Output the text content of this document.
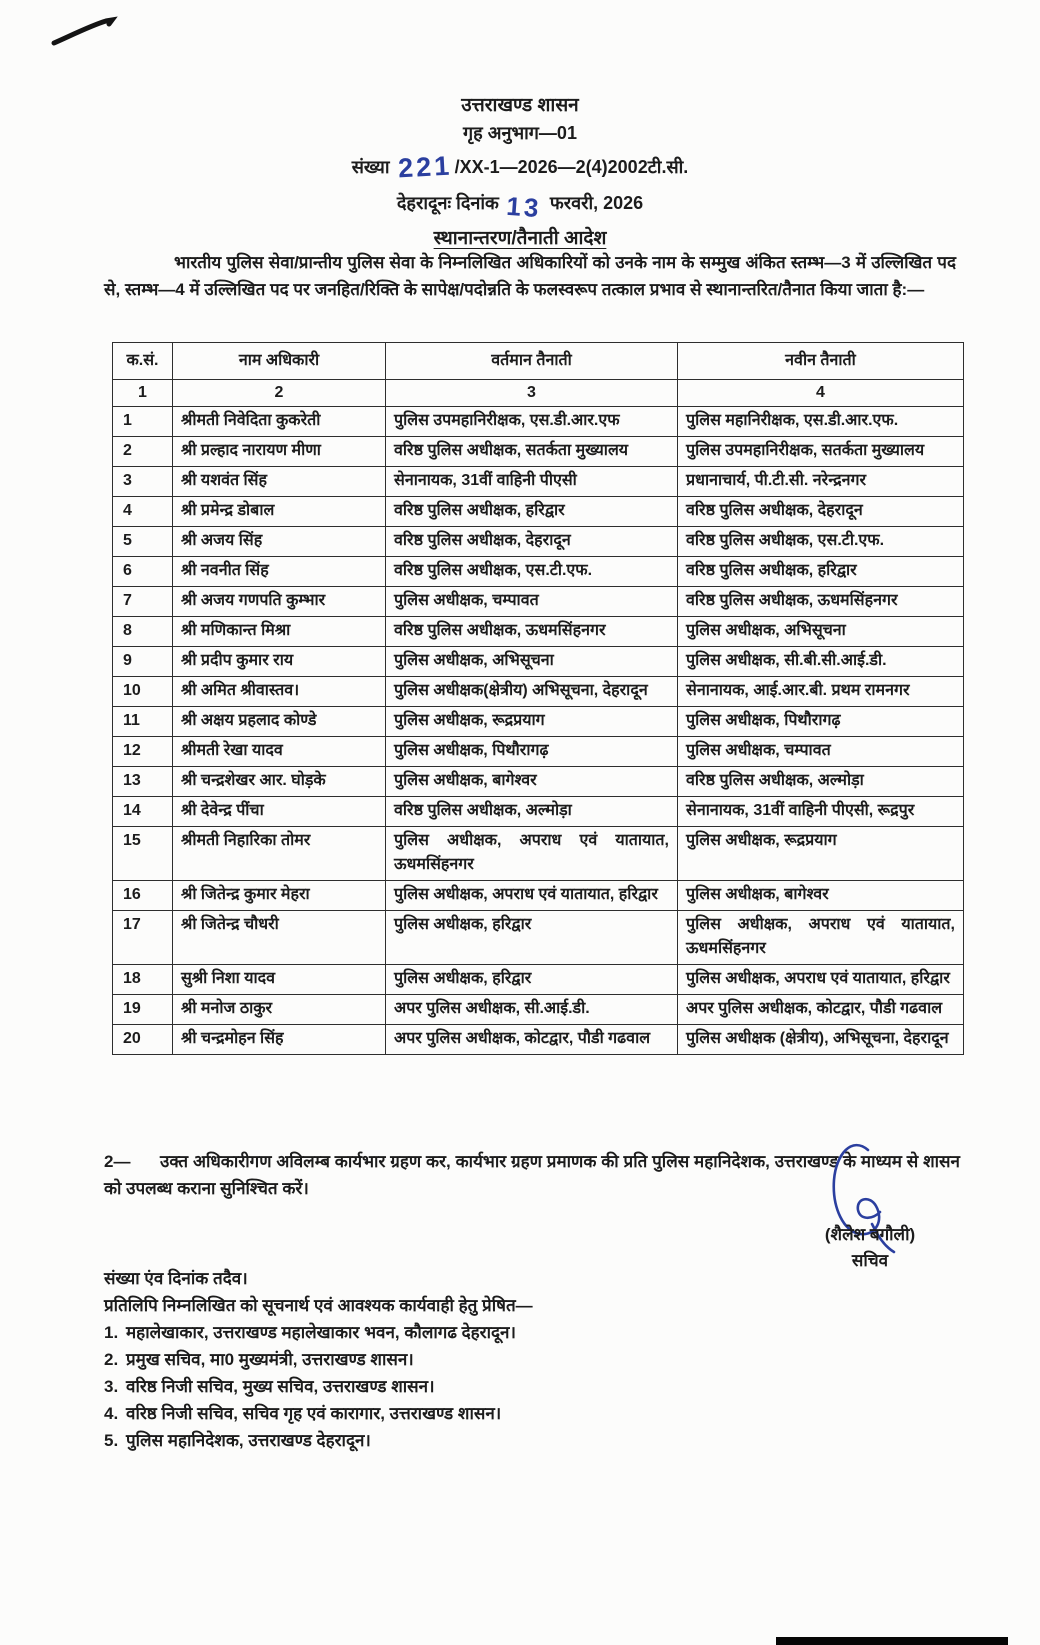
उत्तराखण्ड शासन

गृह अनुभाग—01

संख्या 221 /XX-1—2026—2(4)2002टी.सी.

देहरादूनः दिनांक 13 फरवरी, 2026

स्थानान्तरण/तैनाती आदेश

भारतीय पुलिस सेवा/प्रान्तीय पुलिस सेवा के निम्नलिखित अधिकारियों को उनके नाम के सम्मुख अंकित स्तम्भ—3 में उल्लिखित पद से, स्तम्भ—4 में उल्लिखित पद पर जनहित/रिक्ति के सापेक्ष/पदोन्नति के फलस्वरूप तत्काल प्रभाव से स्थानान्तरित/तैनात किया जाता है:—

क.सं.	नाम अधिकारी	वर्तमान तैनाती	नवीन तैनाती
1	2	3	4
1	श्रीमती निवेदिता कुकरेती	पुलिस उपमहानिरीक्षक, एस.डी.आर.एफ	पुलिस महानिरीक्षक, एस.डी.आर.एफ.
2	श्री प्रल्हाद नारायण मीणा	वरिष्ठ पुलिस अधीक्षक, सतर्कता मुख्यालय	पुलिस उपमहानिरीक्षक, सतर्कता मुख्यालय
3	श्री यशवंत सिंह	सेनानायक, 31वीं वाहिनी पीएसी	प्रधानाचार्य, पी.टी.सी. नरेन्द्रनगर
4	श्री प्रमेन्द्र डोबाल	वरिष्ठ पुलिस अधीक्षक, हरिद्वार	वरिष्ठ पुलिस अधीक्षक, देहरादून
5	श्री अजय सिंह	वरिष्ठ पुलिस अधीक्षक, देहरादून	वरिष्ठ पुलिस अधीक्षक, एस.टी.एफ.
6	श्री नवनीत सिंह	वरिष्ठ पुलिस अधीक्षक, एस.टी.एफ.	वरिष्ठ पुलिस अधीक्षक, हरिद्वार
7	श्री अजय गणपति कुम्भार	पुलिस अधीक्षक, चम्पावत	वरिष्ठ पुलिस अधीक्षक, ऊधमसिंहनगर
8	श्री मणिकान्त मिश्रा	वरिष्ठ पुलिस अधीक्षक, ऊधमसिंहनगर	पुलिस अधीक्षक, अभिसूचना
9	श्री प्रदीप कुमार राय	पुलिस अधीक्षक, अभिसूचना	पुलिस अधीक्षक, सी.बी.सी.आई.डी.
10	श्री अमित श्रीवास्तव।	पुलिस अधीक्षक(क्षेत्रीय) अभिसूचना, देहरादून	सेनानायक, आई.आर.बी. प्रथम रामनगर
11	श्री अक्षय प्रहलाद कोण्डे	पुलिस अधीक्षक, रूद्रप्रयाग	पुलिस अधीक्षक, पिथौरागढ़
12	श्रीमती रेखा यादव	पुलिस अधीक्षक, पिथौरागढ़	पुलिस अधीक्षक, चम्पावत
13	श्री चन्द्रशेखर आर. घोड़के	पुलिस अधीक्षक, बागेश्वर	वरिष्ठ पुलिस अधीक्षक, अल्मोड़ा
14	श्री देवेन्द्र पींचा	वरिष्ठ पुलिस अधीक्षक, अल्मोड़ा	सेनानायक, 31वीं वाहिनी पीएसी, रूद्रपुर
15	श्रीमती निहारिका तोमर	पुलिस अधीक्षक, अपराध एवं यातायात, ऊधमसिंहनगर	पुलिस अधीक्षक, रूद्रप्रयाग
16	श्री जितेन्द्र कुमार मेहरा	पुलिस अधीक्षक, अपराध एवं यातायात, हरिद्वार	पुलिस अधीक्षक, बागेश्वर
17	श्री जितेन्द्र चौधरी	पुलिस अधीक्षक, हरिद्वार	पुलिस अधीक्षक, अपराध एवं यातायात, ऊधमसिंहनगर
18	सुश्री निशा यादव	पुलिस अधीक्षक, हरिद्वार	पुलिस अधीक्षक, अपराध एवं यातायात, हरिद्वार
19	श्री मनोज ठाकुर	अपर पुलिस अधीक्षक, सी.आई.डी.	अपर पुलिस अधीक्षक, कोटद्वार, पौडी गढवाल
20	श्री चन्द्रमोहन सिंह	अपर पुलिस अधीक्षक, कोटद्वार, पौडी गढवाल	पुलिस अधीक्षक (क्षेत्रीय), अभिसूचना, देहरादून

2— उक्त अधिकारीगण अविलम्ब कार्यभार ग्रहण कर, कार्यभार ग्रहण प्रमाणक की प्रति पुलिस महानिदेशक, उत्तराखण्ड के माध्यम से शासन को उपलब्ध कराना सुनिश्चित करें।

(शैलेश बगौली)
सचिव

संख्या एंव दिनांक तदैव।

प्रतिलिपि निम्नलिखित को सूचनार्थ एवं आवश्यक कार्यवाही हेतु प्रेषित—

1. महालेखाकार, उत्तराखण्ड महालेखाकार भवन, कौलागढ देहरादून।

2. प्रमुख सचिव, मा0 मुख्यमंत्री, उत्तराखण्ड शासन।

3. वरिष्ठ निजी सचिव, मुख्य सचिव, उत्तराखण्ड शासन।

4. वरिष्ठ निजी सचिव, सचिव गृह एवं कारागार, उत्तराखण्ड शासन।

5. पुलिस महानिदेशक, उत्तराखण्ड देहरादून।
